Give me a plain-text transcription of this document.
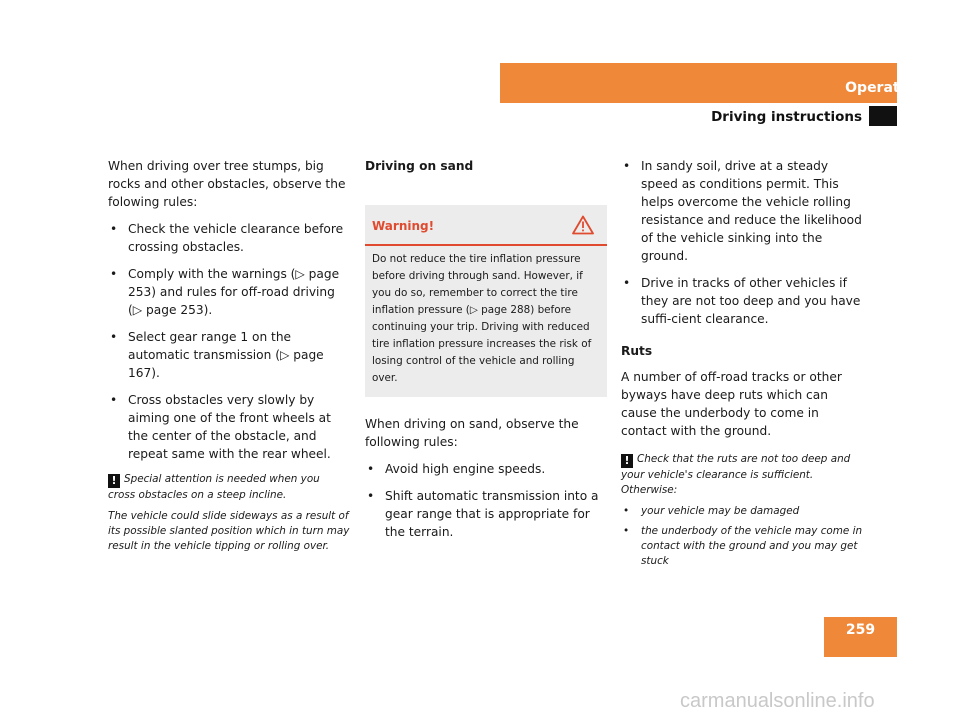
Operation
Driving instructions

When driving over tree stumps, big rocks and other obstacles, observe the folowing rules:

• Check the vehicle clearance before crossing obstacles.
• Comply with the warnings (▷ page 253) and rules for off-road driving (▷ page 253).
• Select gear range 1 on the automatic transmission (▷ page 167).
• Cross obstacles very slowly by aiming one of the front wheels at the center of the obstacle, and repeat same with the rear wheel.

! Special attention is needed when you cross obstacles on a steep incline.

The vehicle could slide sideways as a result of its possible slanted position which in turn may result in the vehicle tipping or rolling over.

Driving on sand

Warning!
Do not reduce the tire inflation pressure before driving through sand. However, if you do so, remember to correct the tire inflation pressure (▷ page 288) before continuing your trip. Driving with reduced tire inflation pressure increases the risk of losing control of the vehicle and rolling over.

When driving on sand, observe the following rules:

• Avoid high engine speeds.
• Shift automatic transmission into a gear range that is appropriate for the terrain.
• In sandy soil, drive at a steady speed as conditions permit. This helps overcome the vehicle rolling resistance and reduce the likelihood of the vehicle sinking into the ground.
• Drive in tracks of other vehicles if they are not too deep and you have suffi-cient clearance.

Ruts

A number of off-road tracks or other byways have deep ruts which can cause the underbody to come in contact with the ground.

! Check that the ruts are not too deep and your vehicle's clearance is sufficient. Otherwise:

• your vehicle may be damaged
• the underbody of the vehicle may come in contact with the ground and you may get stuck
259
carmanualsonline.info
